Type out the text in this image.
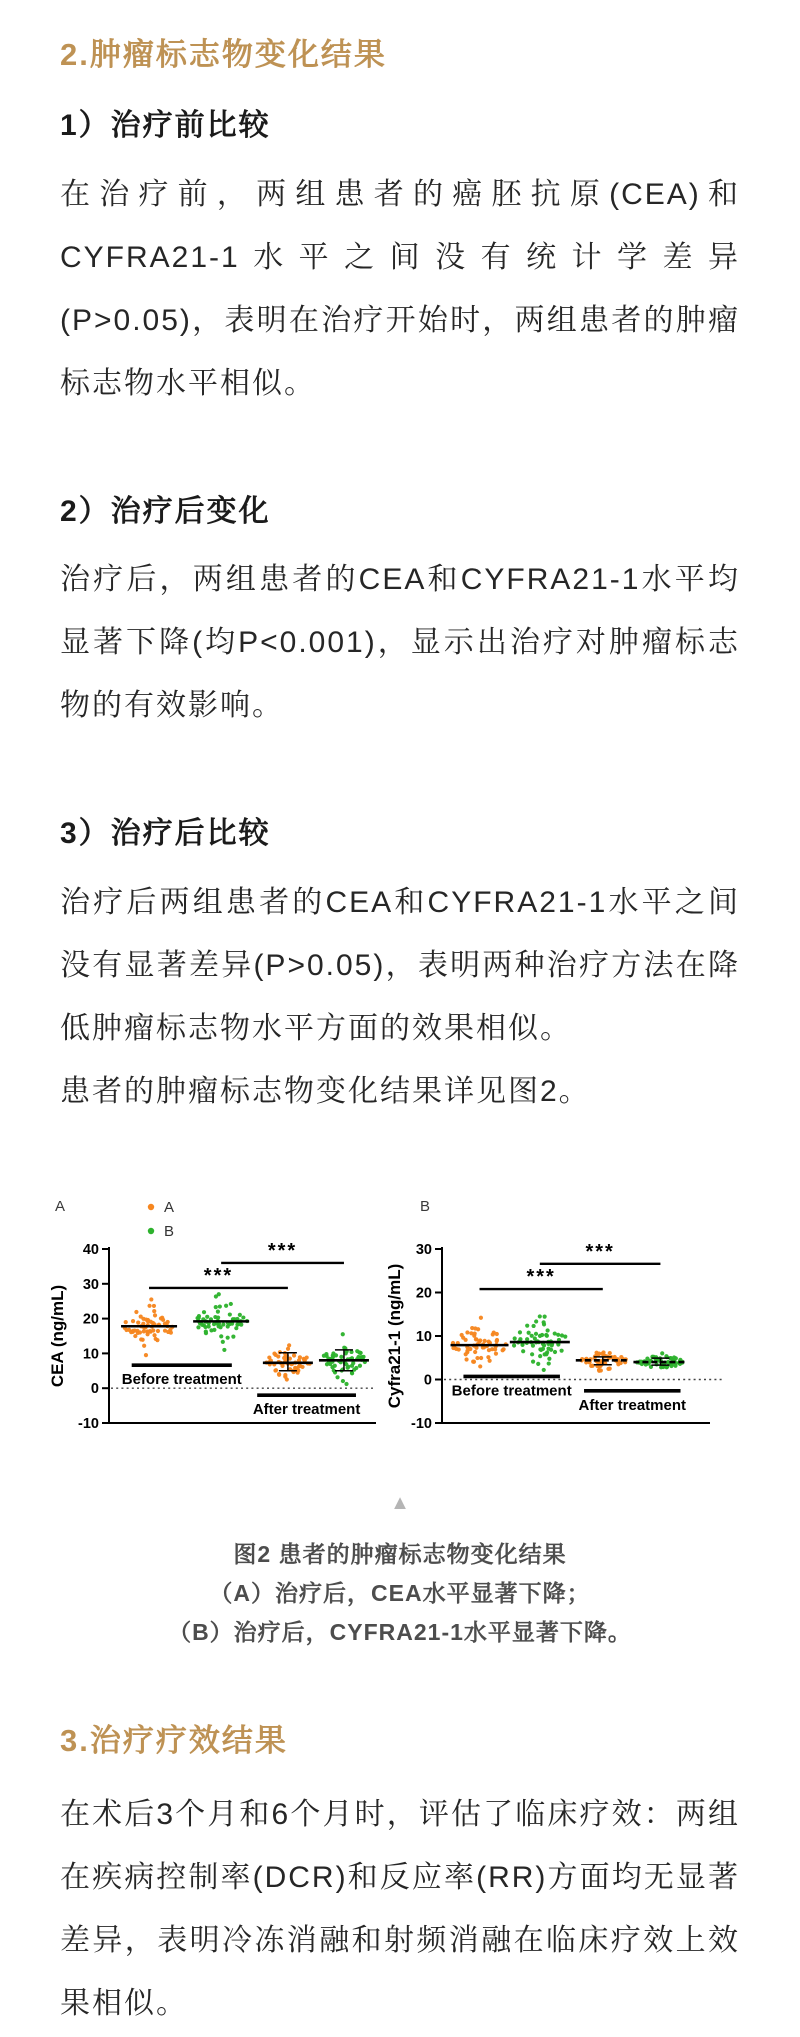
2.肿瘤标志物变化结果
1）治疗前比较

在治疗前，两组患者的癌胚抗原(CEA)和CYFRA21-1水平之间没有统计学差异(P>0.05)，表明在治疗开始时，两组患者的肿瘤标志物水平相似。

2）治疗后变化

治疗后，两组患者的CEA和CYFRA21-1水平均显著下降(均P<0.001)，显示出治疗对肿瘤标志物的有效影响。

3）治疗后比较

治疗后两组患者的CEA和CYFRA21-1水平之间没有显著差异(P>0.05)，表明两种治疗方法在降低肿瘤标志物水平方面的效果相似。

患者的肿瘤标志物变化结果详见图2。

Before treatment
After treatment
***
***
40
30
20
10
0
-10
CEA (ng/mL)
A
B
A
Before treatment
After treatment
***
***
30
20
10
0
-10
Cyfra21-1 (ng/mL)
B
▲
图2 患者的肿瘤标志物变化结果
（A）治疗后，CEA水平显著下降；
（B）治疗后，CYFRA21-1水平显著下降。
3.治疗疗效结果

在术后3个月和6个月时，评估了临床疗效：两组在疾病控制率(DCR)和反应率(RR)方面均无显著差异，表明冷冻消融和射频消融在临床疗效上效果相似。
